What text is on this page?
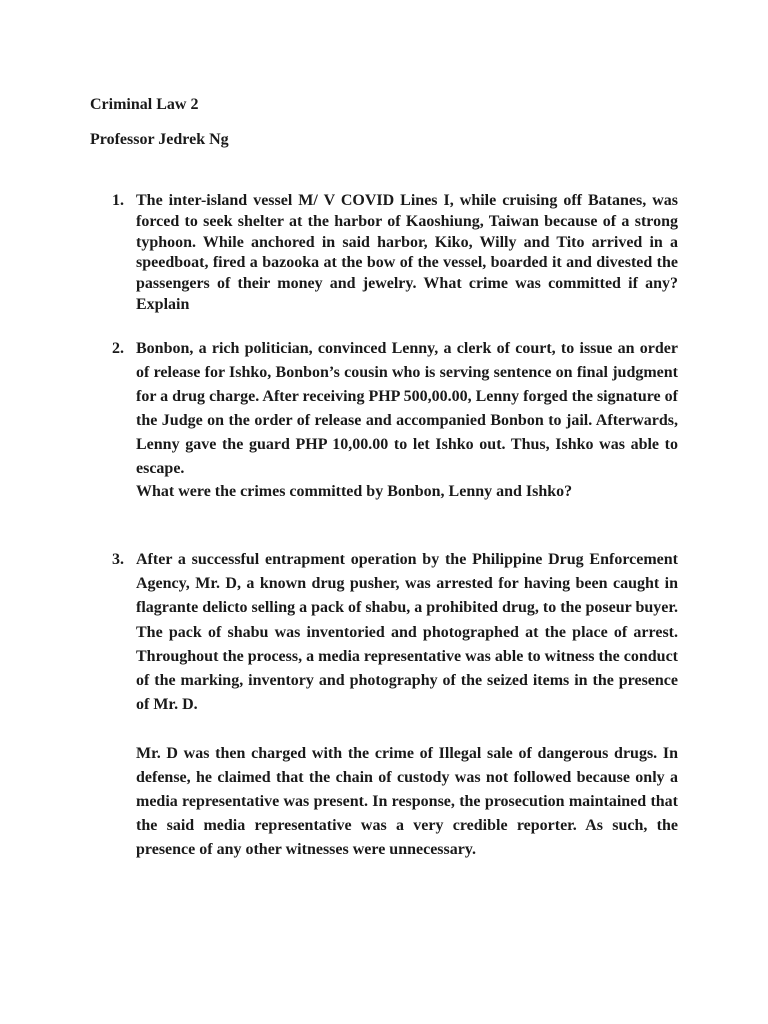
Criminal Law 2
Professor Jedrek Ng
1. The inter-island vessel M/ V COVID Lines I, while cruising off Batanes, was forced to seek shelter at the harbor of Kaoshiung, Taiwan because of a strong typhoon. While anchored in said harbor, Kiko, Willy and Tito arrived in a speedboat, fired a bazooka at the bow of the vessel, boarded it and divested the passengers of their money and jewelry. What crime was committed if any? Explain

2. Bonbon, a rich politician, convinced Lenny, a clerk of court, to issue an order of release for Ishko, Bonbon’s cousin who is serving sentence on final judgment for a drug charge. After receiving PHP 500,00.00, Lenny forged the signature of the Judge on the order of release and accompanied Bonbon to jail. Afterwards, Lenny gave the guard PHP 10,00.00 to let Ishko out. Thus, Ishko was able to escape.

What were the crimes committed by Bonbon, Lenny and Ishko?

3. After a successful entrapment operation by the Philippine Drug Enforcement Agency, Mr. D, a known drug pusher, was arrested for having been caught in flagrante delicto selling a pack of shabu, a prohibited drug, to the poseur buyer. The pack of shabu was inventoried and photographed at the place of arrest. Throughout the process, a media representative was able to witness the conduct of the marking, inventory and photography of the seized items in the presence of Mr. D.

Mr. D was then charged with the crime of Illegal sale of dangerous drugs. In defense, he claimed that the chain of custody was not followed because only a media representative was present. In response, the prosecution maintained that the said media representative was a very credible reporter. As such, the presence of any other witnesses were unnecessary.
